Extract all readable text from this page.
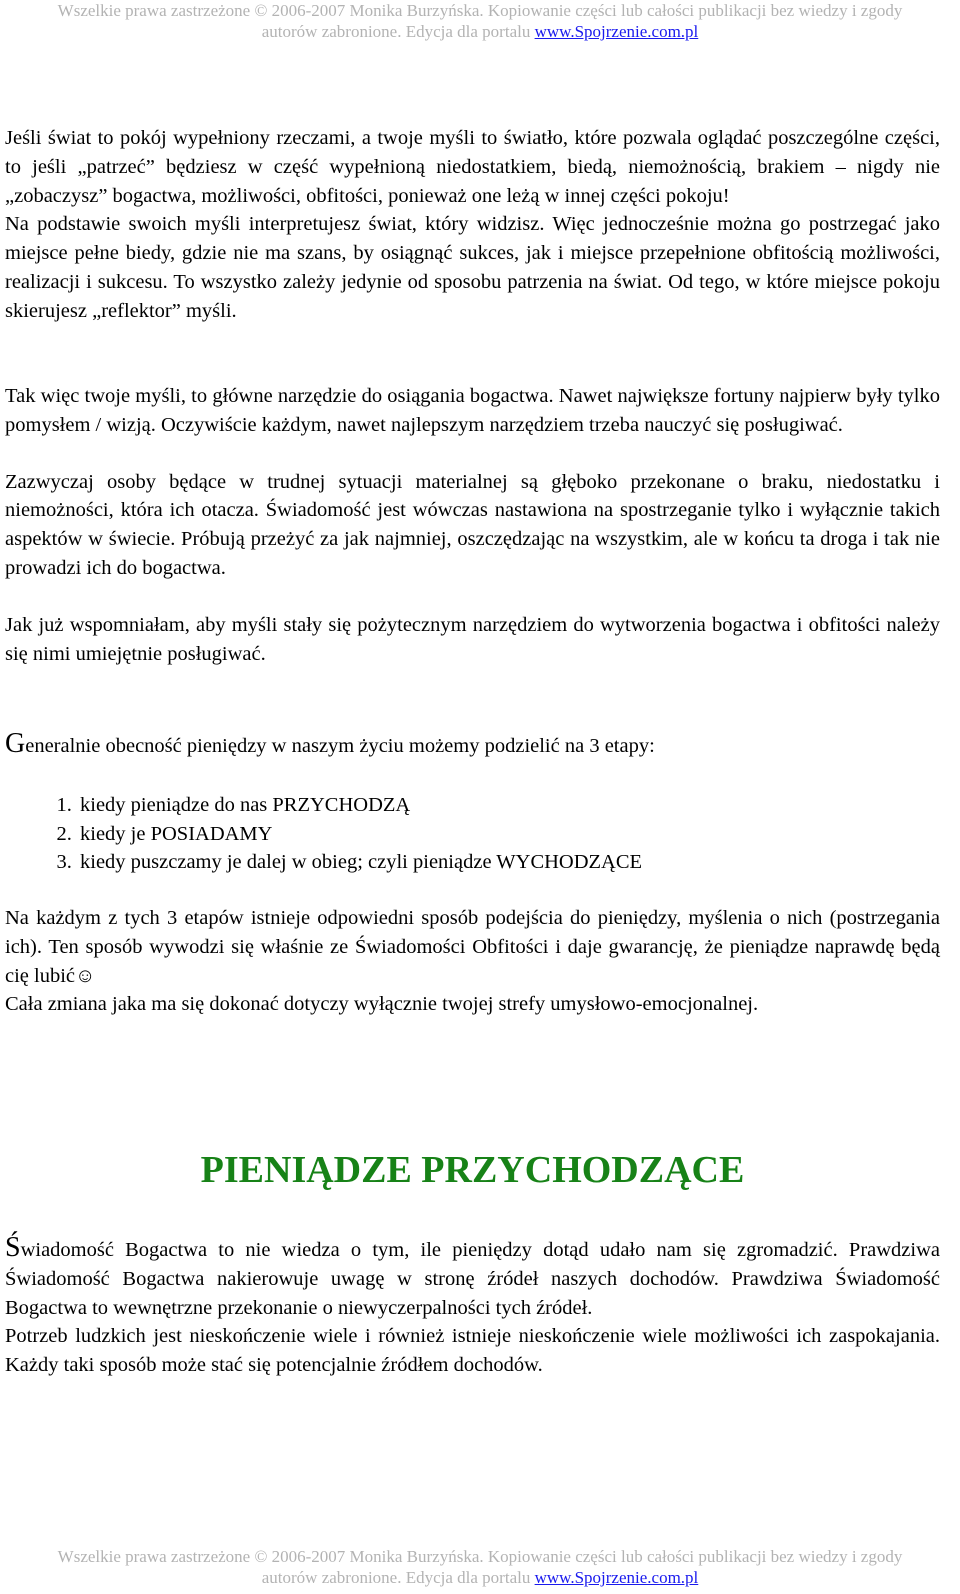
Wszelkie prawa zastrzeżone © 2006-2007 Monika Burzyńska. Kopiowanie części lub całości publikacji bez wiedzy i zgody
autorów zabronione. Edycja dla portalu www.Spojrzenie.com.pl

Jeśli świat to pokój wypełniony rzeczami, a twoje myśli to światło, które pozwala oglądać poszczególne części, to jeśli „patrzeć” będziesz w część wypełnioną niedostatkiem, biedą, niemożnością, brakiem – nigdy nie „zobaczysz” bogactwa, możliwości, obfitości, ponieważ one leżą w innej części pokoju!

Na podstawie swoich myśli interpretujesz świat, który widzisz. Więc jednocześnie można go postrzegać jako miejsce pełne biedy, gdzie nie ma szans, by osiągnąć sukces, jak i miejsce przepełnione obfitością możliwości, realizacji i sukcesu. To wszystko zależy jedynie od sposobu patrzenia na świat. Od tego, w które miejsce pokoju skierujesz „reflektor” myśli.

Tak więc twoje myśli, to główne narzędzie do osiągania bogactwa. Nawet największe fortuny najpierw były tylko pomysłem / wizją. Oczywiście każdym, nawet najlepszym narzędziem trzeba nauczyć się posługiwać.

Zazwyczaj osoby będące w trudnej sytuacji materialnej są głęboko przekonane o braku, niedostatku i niemożności, która ich otacza. Świadomość jest wówczas nastawiona na spostrzeganie tylko i wyłącznie takich aspektów w świecie. Próbują przeżyć za jak najmniej, oszczędzając na wszystkim, ale w końcu ta droga i tak nie prowadzi ich do bogactwa.

Jak już wspomniałam, aby myśli stały się pożytecznym narzędziem do wytworzenia bogactwa i obfitości należy się nimi umiejętnie posługiwać.

Generalnie obecność pieniędzy w naszym życiu możemy podzielić na 3 etapy:

1. kiedy pieniądze do nas PRZYCHODZĄ
2. kiedy je POSIADAMY
3. kiedy puszczamy je dalej w obieg; czyli pieniądze WYCHODZĄCE

Na każdym z tych 3 etapów istnieje odpowiedni sposób podejścia do pieniędzy, myślenia o nich (postrzegania ich). Ten sposób wywodzi się właśnie ze Świadomości Obfitości i daje gwarancję, że pieniądze naprawdę będą cię lubić☺

Cała zmiana jaka ma się dokonać dotyczy wyłącznie twojej strefy umysłowo-emocjonalnej.

PIENIĄDZE PRZYCHODZĄCE

Świadomość Bogactwa to nie wiedza o tym, ile pieniędzy dotąd udało nam się zgromadzić. Prawdziwa Świadomość Bogactwa nakierowuje uwagę w stronę źródeł naszych dochodów. Prawdziwa Świadomość Bogactwa to wewnętrzne przekonanie o niewyczerpalności tych źródeł.

Potrzeb ludzkich jest nieskończenie wiele i również istnieje nieskończenie wiele możliwości ich zaspokajania. Każdy taki sposób może stać się potencjalnie źródłem dochodów.

Wszelkie prawa zastrzeżone © 2006-2007 Monika Burzyńska. Kopiowanie części lub całości publikacji bez wiedzy i zgody
autorów zabronione. Edycja dla portalu www.Spojrzenie.com.pl
